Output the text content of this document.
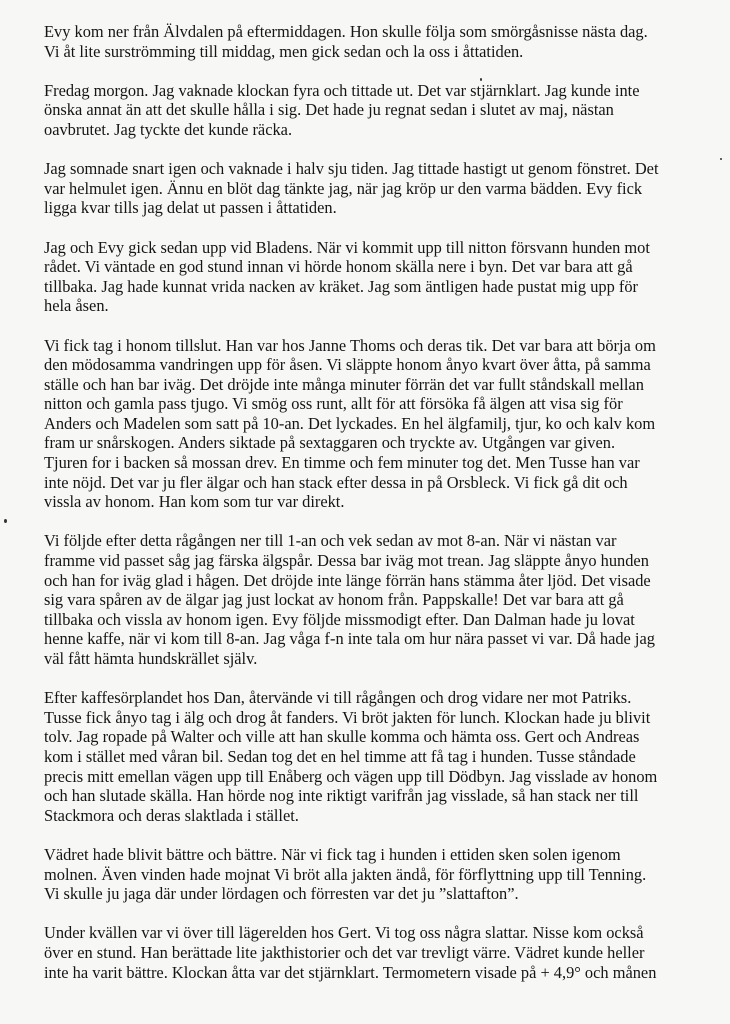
Evy kom ner från Älvdalen på eftermiddagen. Hon skulle följa som smörgåsnisse nästa dag.
Vi åt lite surströmming till middag, men gick sedan och la oss i åttatiden.

Fredag morgon. Jag vaknade klockan fyra och tittade ut. Det var stjärnklart. Jag kunde inte
önska annat än att det skulle hålla i sig. Det hade ju regnat sedan i slutet av maj, nästan
oavbrutet. Jag tyckte det kunde räcka.

Jag somnade snart igen och vaknade i halv sju tiden. Jag tittade hastigt ut genom fönstret. Det
var helmulet igen. Ännu en blöt dag tänkte jag, när jag kröp ur den varma bädden. Evy fick
ligga kvar tills jag delat ut passen i åttatiden.

Jag och Evy gick sedan upp vid Bladens. När vi kommit upp till nitton försvann hunden mot
rådet. Vi väntade en god stund innan vi hörde honom skälla nere i byn. Det var bara att gå
tillbaka. Jag hade kunnat vrida nacken av kräket. Jag som äntligen hade pustat mig upp för
hela åsen.

Vi fick tag i honom tillslut. Han var hos Janne Thoms och deras tik. Det var bara att börja om
den mödosamma vandringen upp för åsen. Vi släppte honom ånyo kvart över åtta, på samma
ställe och han bar iväg. Det dröjde inte många minuter förrän det var fullt ståndskall mellan
nitton och gamla pass tjugo. Vi smög oss runt, allt för att försöka få älgen att visa sig för
Anders och Madelen som satt på 10-an. Det lyckades. En hel älgfamilj, tjur, ko och kalv kom
fram ur snårskogen. Anders siktade på sextaggaren och tryckte av. Utgången var given.
Tjuren for i backen så mossan drev. En timme och fem minuter tog det. Men Tusse han var
inte nöjd. Det var ju fler älgar och han stack efter dessa in på Orsbleck. Vi fick gå dit och
vissla av honom. Han kom som tur var direkt.

Vi följde efter detta rågången ner till 1-an och vek sedan av mot 8-an. När vi nästan var
framme vid passet såg jag färska älgspår. Dessa bar iväg mot trean. Jag släppte ånyo hunden
och han for iväg glad i hågen. Det dröjde inte länge förrän hans stämma åter ljöd. Det visade
sig vara spåren av de älgar jag just lockat av honom från. Pappskalle! Det var bara att gå
tillbaka och vissla av honom igen. Evy följde missmodigt efter. Dan Dalman hade ju lovat
henne kaffe, när vi kom till 8-an. Jag våga f-n inte tala om hur nära passet vi var. Då hade jag
väl fått hämta hundskrället själv.

Efter kaffesörplandet hos Dan, återvände vi till rågången och drog vidare ner mot Patriks.
Tusse fick ånyo tag i älg och drog åt fanders. Vi bröt jakten för lunch. Klockan hade ju blivit
tolv. Jag ropade på Walter och ville att han skulle komma och hämta oss. Gert och Andreas
kom i stället med våran bil. Sedan tog det en hel timme att få tag i hunden. Tusse ståndade
precis mitt emellan vägen upp till Enåberg och vägen upp till Dödbyn. Jag visslade av honom
och han slutade skälla. Han hörde nog inte riktigt varifrån jag visslade, så han stack ner till
Stackmora och deras slaktlada i stället.

Vädret hade blivit bättre och bättre. När vi fick tag i hunden i ettiden sken solen igenom
molnen. Även vinden hade mojnat Vi bröt alla jakten ändå, för förflyttning upp till Tenning.
Vi skulle ju jaga där under lördagen och förresten var det ju ”slattafton”.

Under kvällen var vi över till lägerelden hos Gert. Vi tog oss några slattar. Nisse kom också
över en stund. Han berättade lite jakthistorier och det var trevligt värre. Vädret kunde heller
inte ha varit bättre. Klockan åtta var det stjärnklart. Termometern visade på + 4,9° och månen
